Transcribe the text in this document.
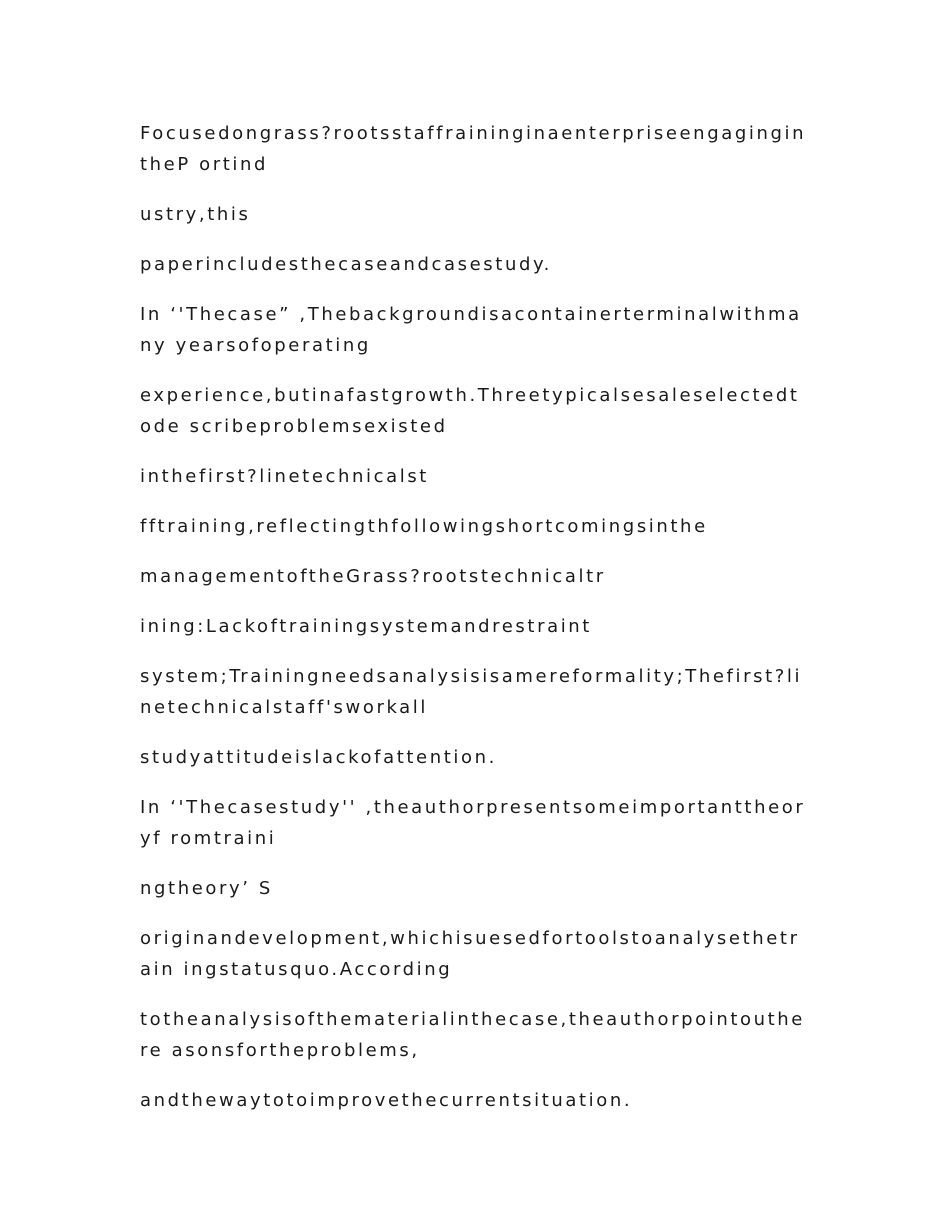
Focusedongrass?rootsstaffraininginaenterpriseengagingintheP ortind

ustry,this

paperincludesthecaseandcasestudy.

In ‘'Thecase” ,Thebackgroundisacontainerterminalwithmany yearsofoperating

experience,butinafastgrowth.Threetypicalsesaleselectedtode scribeproblemsexisted

inthefirst?linetechnicalst

fftraining,reflectingthfollowingshortcomingsinthe

managementoftheGrass?rootstechnicaltr

ining:Lackoftrainingsystemandrestraint

system;Trainingneedsanalysisisamereformality;Thefirst?linetechnicalstaff'sworkall

studyattitudeislackofattention.

In ‘'Thecasestudy'' ,theauthorpresentsomeimportanttheoryf romtraini

ngtheory’ S

originandevelopment,whichisuesedfortoolstoanalysethetrain ingstatusquo.According

totheanalysisofthematerialinthecase,theauthorpointouthere asonsfortheproblems,

andthewaytotoimprovethecurrentsituation.
